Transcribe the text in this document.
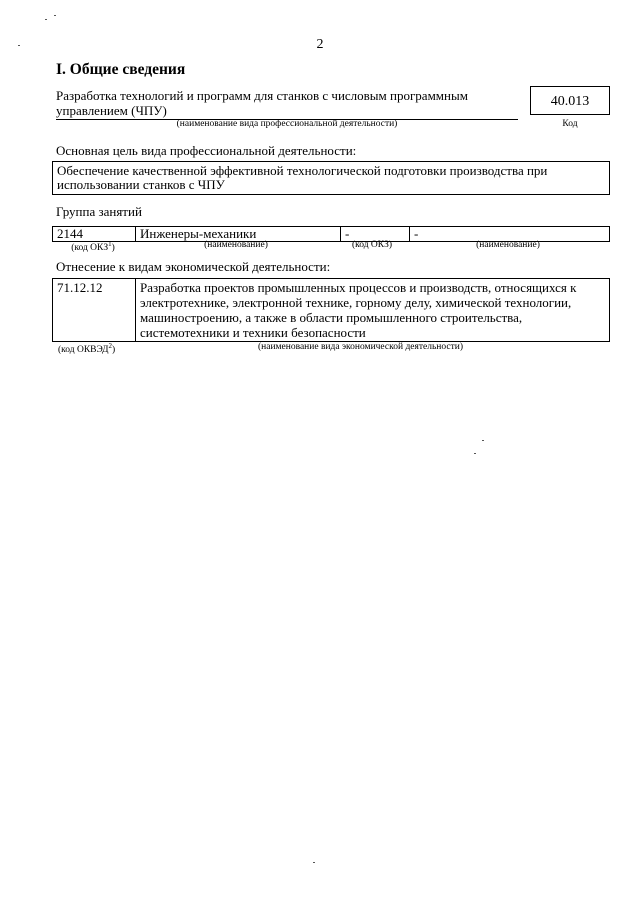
2
I. Общие сведения
Разработка технологий и программ для станков с числовым программным управлением (ЧПУ)
(наименование вида профессиональной деятельности)
40.013
Код
Основная цель вида профессиональной деятельности:
Обеспечение качественной эффективной технологической подготовки производства при использовании станков с ЧПУ
Группа занятий
2144	Инженеры-механики	-	-
(код ОКЗ$^1$)	(наименование)	(код ОКЗ)	(наименование)
Отнесение к видам экономической деятельности:
71.12.12	Разработка проектов промышленных процессов и производств, относящихся к электротехнике, электронной технике, горному делу, химической технологии, машиностроению, а также в области промышленного строительства, системотехники и техники безопасности
(код ОКВЭД$^2$)	(наименование вида экономической деятельности)
